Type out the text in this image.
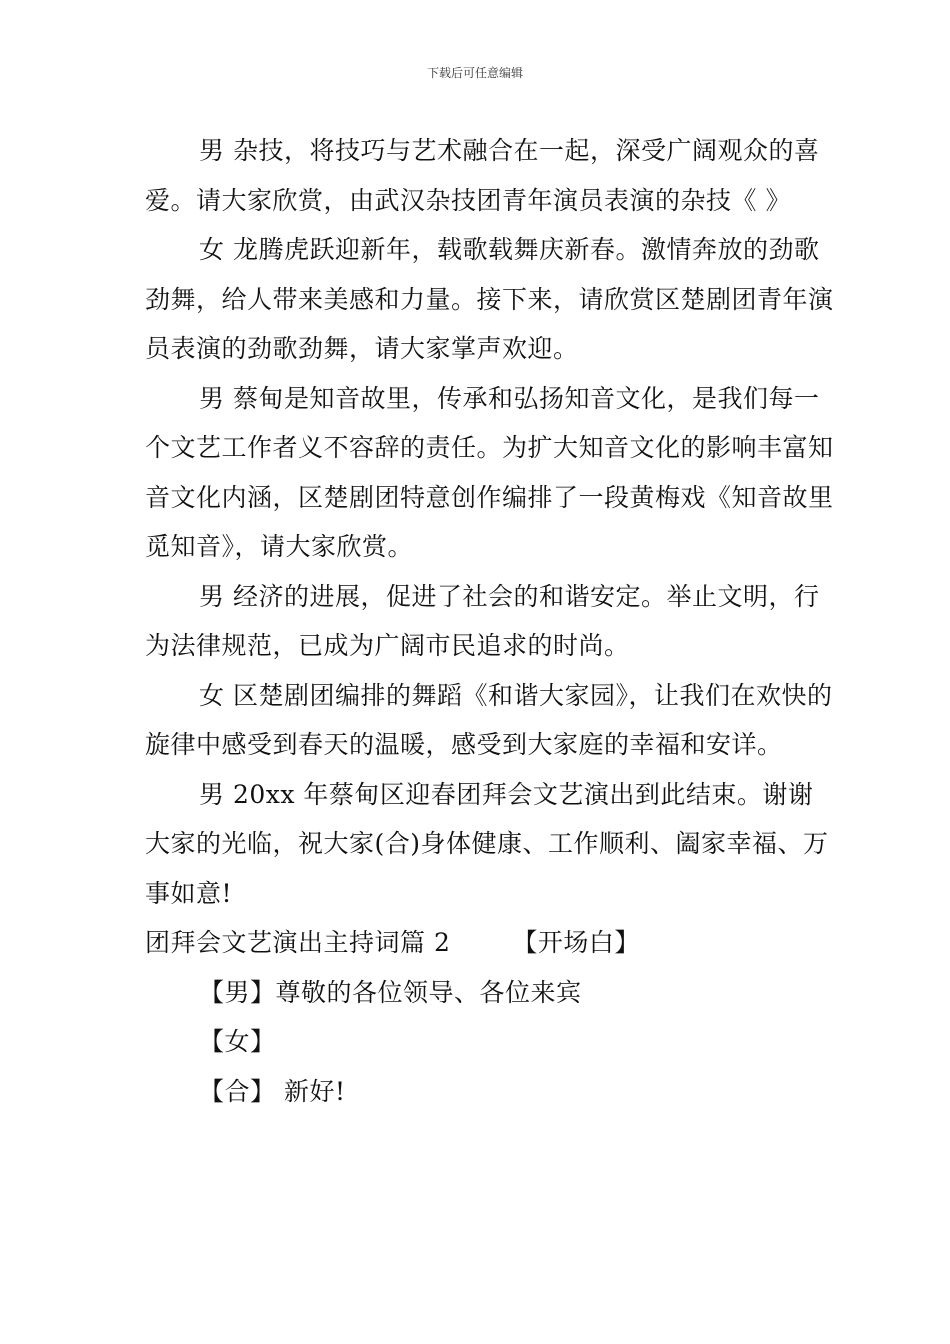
下载后可任意编辑

男 杂技，将技巧与艺术融合在一起，深受广阔观众的喜爱。请大家欣赏，由武汉杂技团青年演员表演的杂技《 》

女 龙腾虎跃迎新年，载歌载舞庆新春。激情奔放的劲歌劲舞，给人带来美感和力量。接下来，请欣赏区楚剧团青年演员表演的劲歌劲舞，请大家掌声欢迎。

男 蔡甸是知音故里，传承和弘扬知音文化，是我们每一个文艺工作者义不容辞的责任。为扩大知音文化的影响丰富知音文化内涵，区楚剧团特意创作编排了一段黄梅戏《知音故里觅知音》，请大家欣赏。

男 经济的进展，促进了社会的和谐安定。举止文明，行为法律规范，已成为广阔市民追求的时尚。

女 区楚剧团编排的舞蹈《和谐大家园》，让我们在欢快的旋律中感受到春天的温暖，感受到大家庭的幸福和安详。

男 20xx 年蔡甸区迎春团拜会文艺演出到此结束。谢谢大家的光临，祝大家(合)身体健康、工作顺利、阖家幸福、万事如意!

团拜会文艺演出主持词篇 2 【开场白】

【男】尊敬的各位领导、各位来宾

【女】

【合】 新好!
